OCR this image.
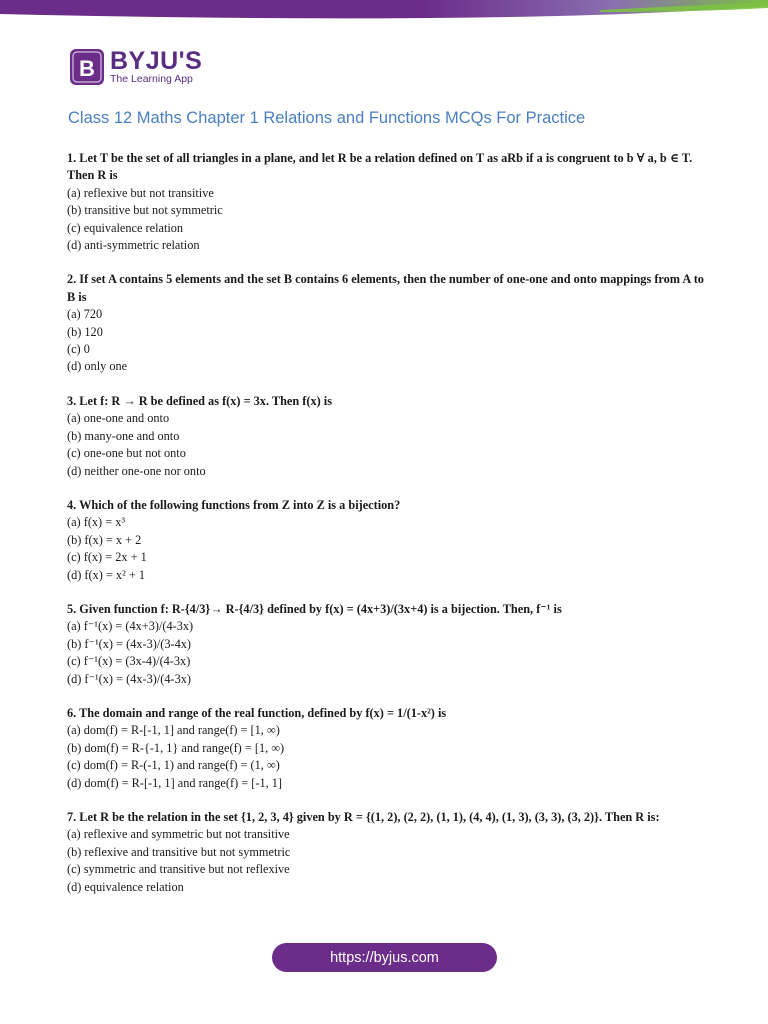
B BYJU'S
The Learning App
Class 12 Maths Chapter 1 Relations and Functions MCQs For Practice
1. Let T be the set of all triangles in a plane, and let R be a relation defined on T as aRb if a is congruent to b ∀ a, b ∈ T. Then R is
(a) reflexive but not transitive
(b) transitive but not symmetric
(c) equivalence relation
(d) anti-symmetric relation
2. If set A contains 5 elements and the set B contains 6 elements, then the number of one-one and onto mappings from A to B is
(a) 720
(b) 120
(c) 0
(d) only one
3. Let f: R → R be defined as f(x) = 3x. Then f(x) is
(a) one-one and onto
(b) many-one and onto
(c) one-one but not onto
(d) neither one-one nor onto
4. Which of the following functions from Z into Z is a bijection?
(a) f(x) = x³
(b) f(x) = x + 2
(c) f(x) = 2x + 1
(d) f(x) = x² + 1
5. Given function f: R-{4/3}→ R-{4/3} defined by f(x) = (4x+3)/(3x+4) is a bijection. Then, f⁻¹ is
(a) f⁻¹(x) = (4x+3)/(4-3x)
(b) f⁻¹(x) = (4x-3)/(3-4x)
(c) f⁻¹(x) = (3x-4)/(4-3x)
(d) f⁻¹(x) = (4x-3)/(4-3x)
6. The domain and range of the real function, defined by f(x) = 1/(1-x²) is
(a) dom(f) = R-[-1, 1] and range(f) = [1, ∞)
(b) dom(f) = R-{-1, 1} and range(f) = [1, ∞)
(c) dom(f) = R-(-1, 1) and range(f) = (1, ∞)
(d) dom(f) = R-[-1, 1] and range(f) = [-1, 1]
7. Let R be the relation in the set {1, 2, 3, 4} given by R = {(1, 2), (2, 2), (1, 1), (4, 4), (1, 3), (3, 3), (3, 2)}. Then R is:
(a) reflexive and symmetric but not transitive
(b) reflexive and transitive but not symmetric
(c) symmetric and transitive but not reflexive
(d) equivalence relation
https://byjus.com
